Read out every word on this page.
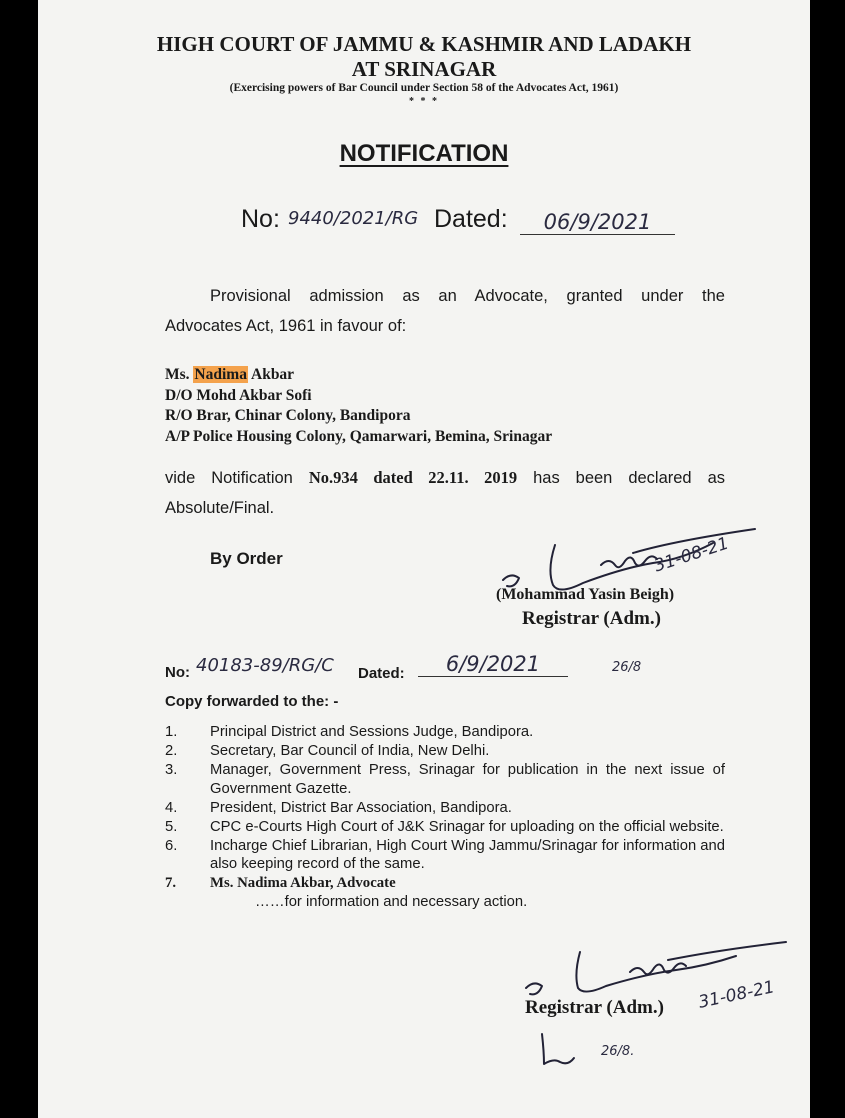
HIGH COURT OF JAMMU & KASHMIR AND LADAKH
AT SRINAGAR
(Exercising powers of Bar Council under Section 58 of the Advocates Act, 1961)
* * *
NOTIFICATION
No: 9440/2021/RG Dated:	06/9/2021
Provisional admission as an Advocate, granted under the
Advocates Act, 1961 in favour of:
Ms. Nadima Akbar
D/O Mohd Akbar Sofi
R/O Brar, Chinar Colony, Bandipora
A/P Police Housing Colony, Qamarwari, Bemina, Srinagar
vide Notification No.934 dated 22.11. 2019 has been declared as
Absolute/Final.
By Order	31-08-21
(Mohammad Yasin Beigh)
Registrar (Adm.)
26/8
No: 40183-89/RG/C	Dated:	6/9/2021
Copy forwarded to the: -
1.	Principal District and Sessions Judge, Bandipora.
2.	Secretary, Bar Council of India, New Delhi.
3.	Manager, Government Press, Srinagar for publication in the next issue of Government Gazette.
4.	President, District Bar Association, Bandipora.
5.	CPC e-Courts High Court of J&K Srinagar for uploading on the official website.
6.	Incharge Chief Librarian, High Court Wing Jammu/Srinagar for information and also keeping record of the same.
7.	Ms. Nadima Akbar, Advocate
……for information and necessary action.
Registrar (Adm.) 31-08-21
26/8.
